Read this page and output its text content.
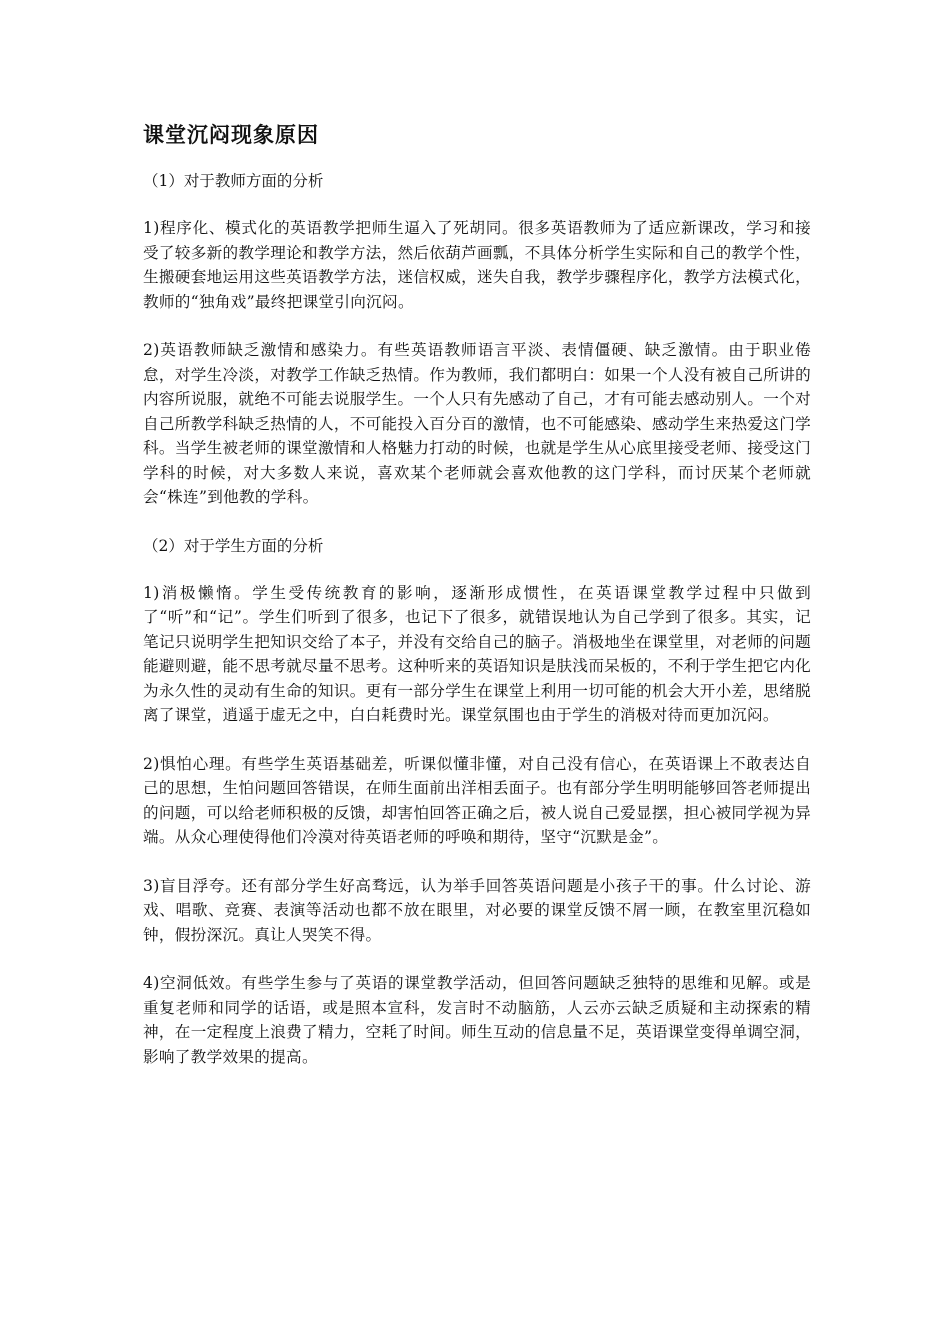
课堂沉闷现象原因

（1）对于教师方面的分析

1)程序化、模式化的英语教学把师生逼入了死胡同。很多英语教师为了适应新课改，学习和接受了较多新的教学理论和教学方法，然后依葫芦画瓢，不具体分析学生实际和自己的教学个性，生搬硬套地运用这些英语教学方法，迷信权威，迷失自我，教学步骤程序化，教学方法模式化，教师的“独角戏”最终把课堂引向沉闷。

2)英语教师缺乏激情和感染力。有些英语教师语言平淡、表情僵硬、缺乏激情。由于职业倦怠，对学生冷淡，对教学工作缺乏热情。作为教师，我们都明白：如果一个人没有被自己所讲的内容所说服，就绝不可能去说服学生。一个人只有先感动了自己，才有可能去感动别人。一个对自己所教学科缺乏热情的人，不可能投入百分百的激情，也不可能感染、感动学生来热爱这门学科。当学生被老师的课堂激情和人格魅力打动的时候，也就是学生从心底里接受老师、接受这门学科的时候，对大多数人来说，喜欢某个老师就会喜欢他教的这门学科，而讨厌某个老师就会“株连”到他教的学科。

（2）对于学生方面的分析

1)消极懒惰。学生受传统教育的影响，逐渐形成惯性，在英语课堂教学过程中只做到了“听”和“记”。学生们听到了很多，也记下了很多，就错误地认为自己学到了很多。其实，记笔记只说明学生把知识交给了本子，并没有交给自己的脑子。消极地坐在课堂里，对老师的问题能避则避，能不思考就尽量不思考。这种听来的英语知识是肤浅而呆板的，不利于学生把它内化为永久性的灵动有生命的知识。更有一部分学生在课堂上利用一切可能的机会大开小差，思绪脱离了课堂，逍遥于虚无之中，白白耗费时光。课堂氛围也由于学生的消极对待而更加沉闷。

2)惧怕心理。有些学生英语基础差，听课似懂非懂，对自己没有信心，在英语课上不敢表达自己的思想，生怕问题回答错误，在师生面前出洋相丢面子。也有部分学生明明能够回答老师提出的问题，可以给老师积极的反馈，却害怕回答正确之后，被人说自己爱显摆，担心被同学视为异端。从众心理使得他们冷漠对待英语老师的呼唤和期待，坚守“沉默是金”。

3)盲目浮夸。还有部分学生好高骛远，认为举手回答英语问题是小孩子干的事。什么讨论、游戏、唱歌、竞赛、表演等活动也都不放在眼里，对必要的课堂反馈不屑一顾，在教室里沉稳如钟，假扮深沉。真让人哭笑不得。

4)空洞低效。有些学生参与了英语的课堂教学活动，但回答问题缺乏独特的思维和见解。或是重复老师和同学的话语，或是照本宣科，发言时不动脑筋，人云亦云缺乏质疑和主动探索的精神，在一定程度上浪费了精力，空耗了时间。师生互动的信息量不足，英语课堂变得单调空洞，影响了教学效果的提高。
